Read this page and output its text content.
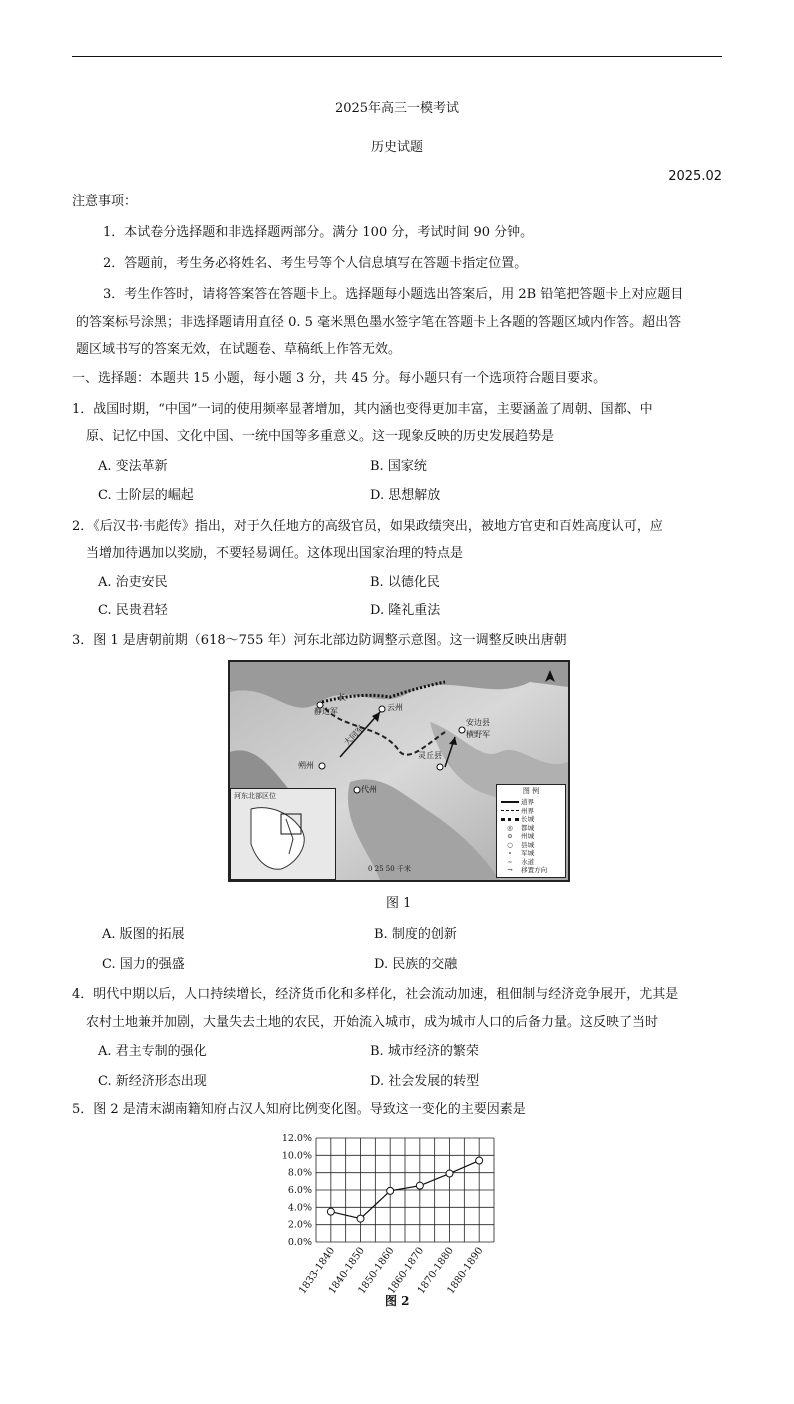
2025年高三一模考试
历史试题
2025.02
注意事项：
1．本试卷分选择题和非选择题两部分。满分 100 分，考试时间 90 分钟。
2．答题前，考生务必将姓名、考生号等个人信息填写在答题卡指定位置。
3．考生作答时，请将答案答在答题卡上。选择题每小题选出答案后，用 2B 铅笔把答题卡上对应题目
的答案标号涂黑；非选择题请用直径 0. 5 毫米黑色墨水签字笔在答题卡上各题的答题区域内作答。超出答
题区域书写的答案无效，在试题卷、草稿纸上作答无效。
一、选择题：本题共 15 小题，每小题 3 分，共 45 分。每小题只有一个选项符合题目要求。
1．战国时期，“中国”一词的使用频率显著增加，其内涵也变得更加丰富，主要涵盖了周朝、国都、中
原、记忆中国、文化中国、一统中国等多重意义。这一现象反映的历史发展趋势是
A. 变法革新	B. 国家统
C. 士阶层的崛起	D. 思想解放
2．《后汉书·韦彪传》指出，对于久任地方的高级官员，如果政绩突出，被地方官吏和百姓高度认可，应
当增加待遇加以奖励，不要轻易调任。这体现出国家治理的特点是
A. 治吏安民	B. 以德化民
C. 民贵君轻	D. 隆礼重法
3．图 1 是唐朝前期（618～755 年）河东北部边防调整示意图。这一调整反映出唐朝
长
静边军
大同军
云州
安边县
横野军
灵丘县
朔州
代州
河东北部区位
图 例
道界
州界
长城
◎ 都城
⊙ 州城
○ 县城
∘ 军城
∼ 水道
→ 移置方向
0 25 50 千米
图 1
A. 版图的拓展	B. 制度的创新
C. 国力的强盛	D. 民族的交融
4．明代中期以后，人口持续增长，经济货币化和多样化，社会流动加速，租佃制与经济竞争展开，尤其是
农村土地兼并加剧，大量失去土地的农民，开始流入城市，成为城市人口的后备力量。这反映了当时
A. 君主专制的强化	B. 城市经济的繁荣
C. 新经济形态出现	D. 社会发展的转型
5．图 2 是清末湖南籍知府占汉人知府比例变化图。导致这一变化的主要因素是
0.0%
2.0%
4.0%
6.0%
8.0%
10.0%
12.0%
1833-1840
1840-1850
1850-1860
1860-1870
1870-1880
1880-1890
图 2
